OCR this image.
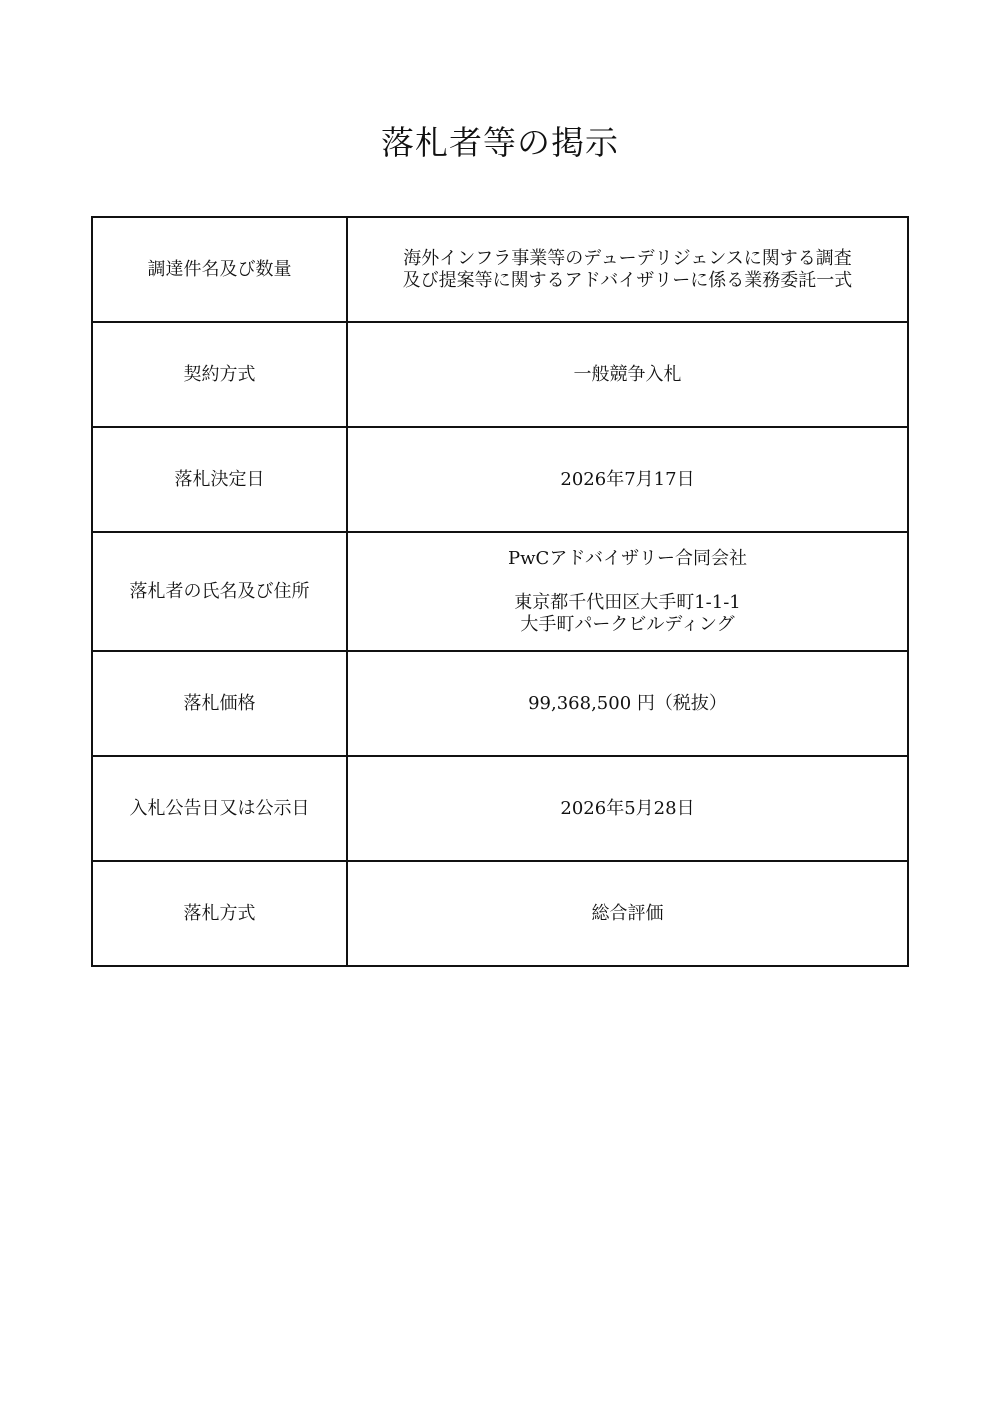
落札者等の掲示
調達件名及び数量	海外インフラ事業等のデューデリジェンスに関する調査
及び提案等に関するアドバイザリーに係る業務委託一式

契約方式	一般競争入札
落札決定日	2026年7月17日
落札者の氏名及び住所	PwCアドバイザリー合同会社
東京都千代田区大手町1-1-1
大手町パークビルディング

落札価格	99,368,500 円（税抜）
入札公告日又は公示日	2026年5月28日
落札方式	総合評価
